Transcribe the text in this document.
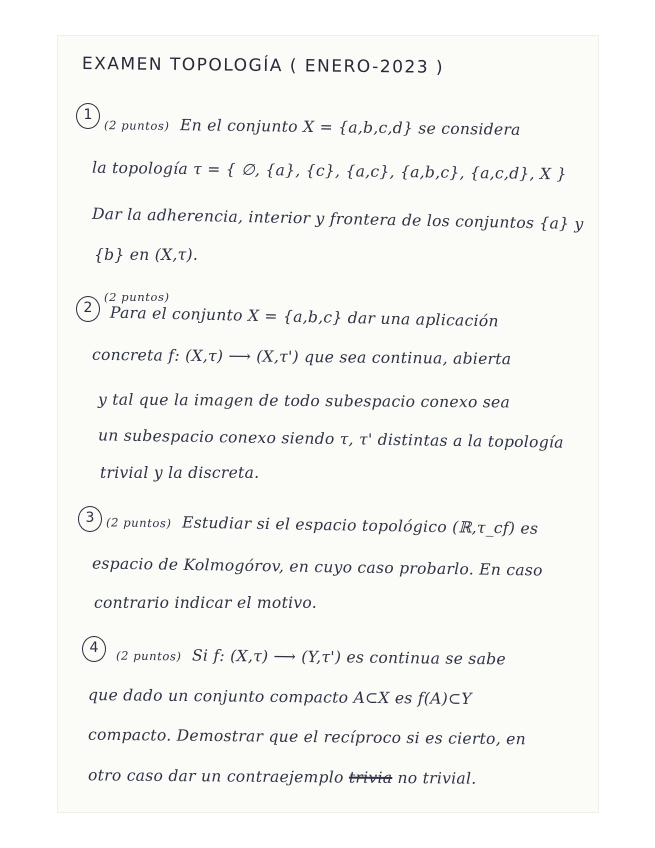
EXAMEN TOPOLOGÍA ( ENERO-2023 )
1
(2 puntos) En el conjunto X = {a,b,c,d} se considera
la topología τ = { ∅, {a}, {c}, {a,c}, {a,b,c}, {a,c,d}, X }
Dar la adherencia, interior y frontera de los conjuntos {a} y
{b} en (X,τ).
2
(2 puntos)
Para el conjunto X = {a,b,c} dar una aplicación
concreta f: (X,τ) ⟶ (X,τ') que sea continua, abierta
y tal que la imagen de todo subespacio conexo sea
un subespacio conexo siendo τ, τ' distintas a la topología
trivial y la discreta.
3 (2 puntos) Estudiar si el espacio topológico (ℝ,τ_cf) es
espacio de Kolmogórov, en cuyo caso probarlo. En caso
contrario indicar el motivo.
4
(2 puntos) Si f: (X,τ) ⟶ (Y,τ') es continua se sabe
que dado un conjunto compacto A⊂X es f(A)⊂Y
compacto. Demostrar que el recíproco si es cierto, en
otro caso dar un contraejemplo trivia no trivial.
